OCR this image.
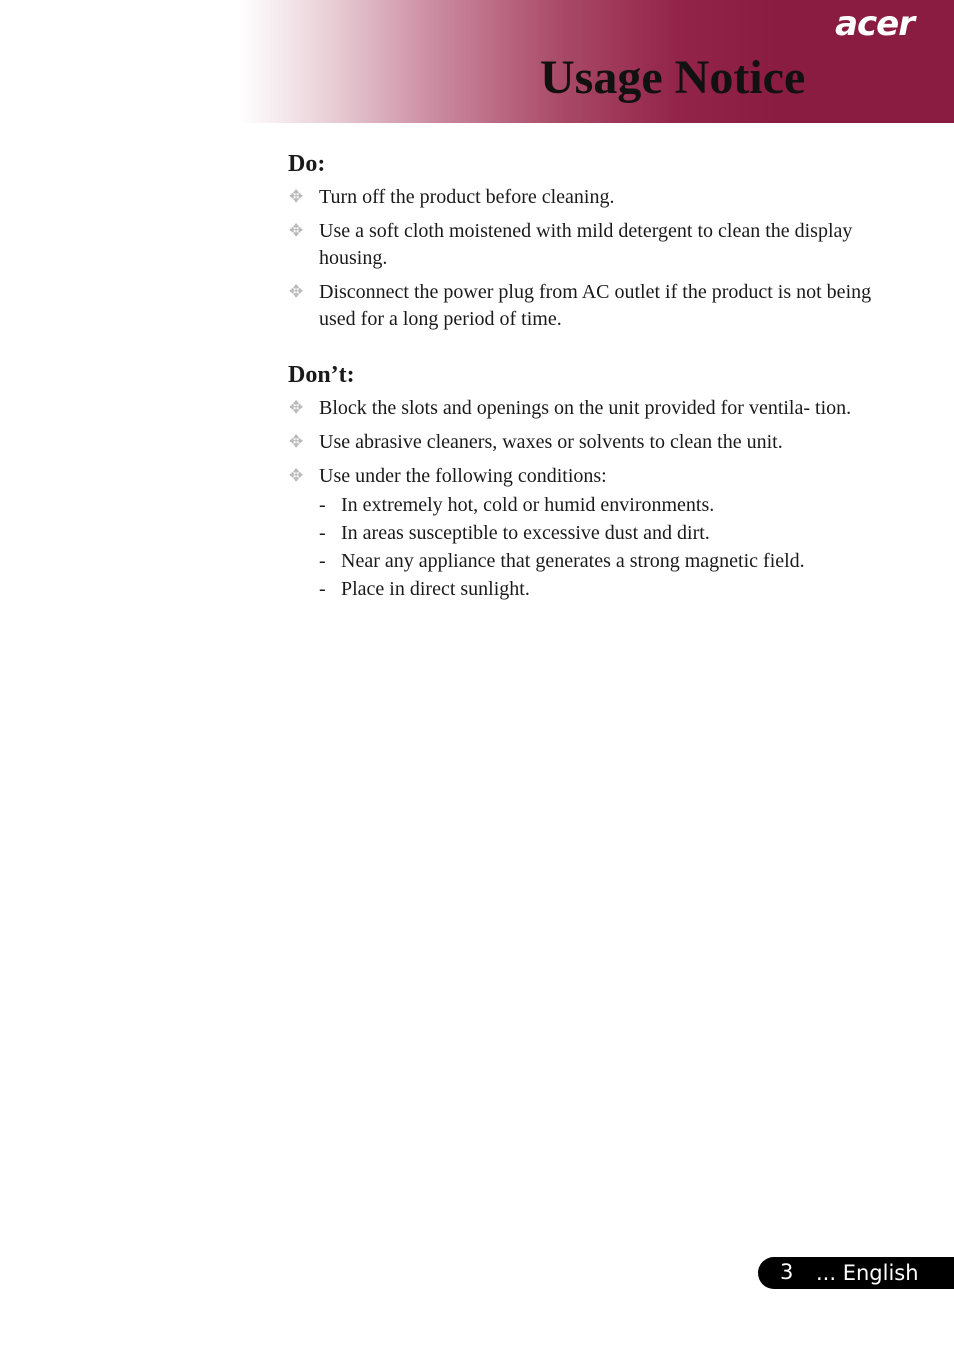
acer
Usage Notice
Do:
✥ Turn off the product before cleaning.
✥ Use a soft cloth moistened with mild detergent to clean the display housing.
✥ Disconnect the power plug from AC outlet if the product is not being used for a long period of time.
Don’t:
✥ Block the slots and openings on the unit provided for ventila- tion.
✥ Use abrasive cleaners, waxes or solvents to clean the unit.
✥ Use under the following conditions:
- In extremely hot, cold or humid environments.
- In areas susceptible to excessive dust and dirt.
- Near any appliance that generates a strong magnetic field.
- Place in direct sunlight.
3 ... English
